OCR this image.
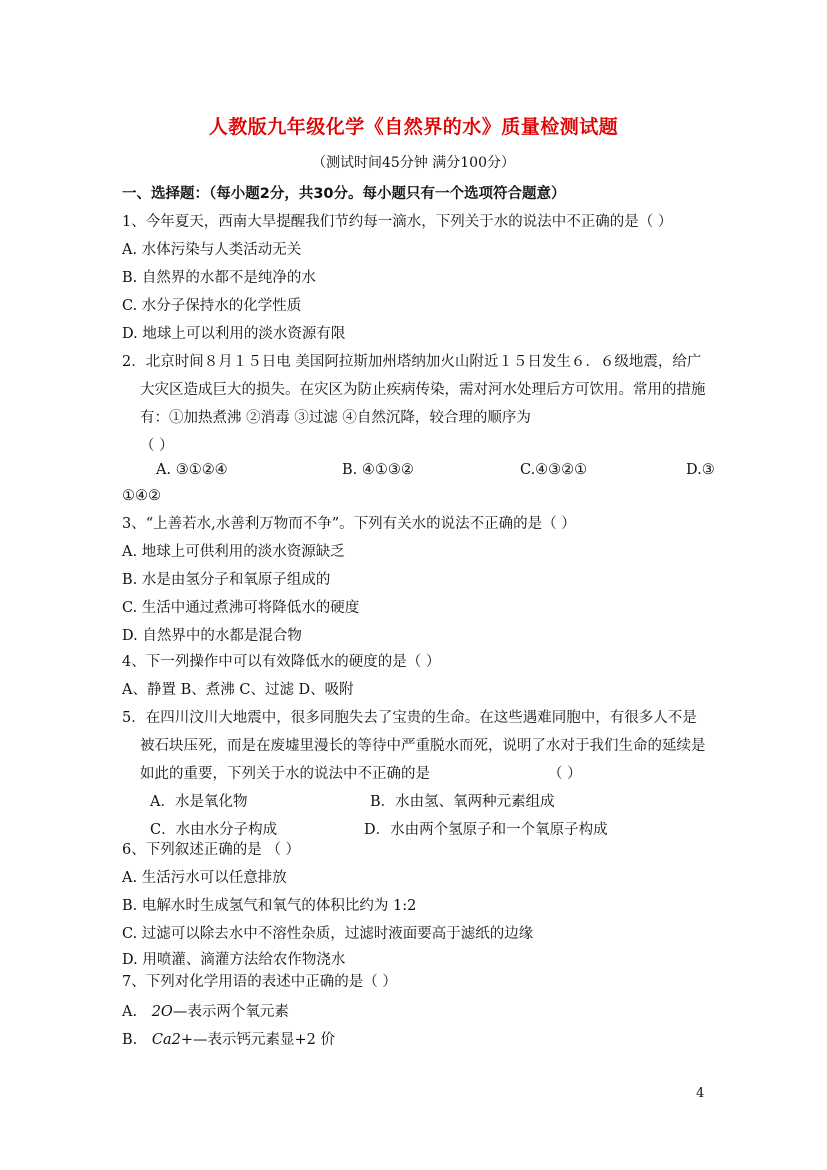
人教版九年级化学《自然界的水》质量检测试题
（测试时间45分钟 满分100分）
一、选择题：（每小题2分，共30分。每小题只有一个选项符合题意）
1、今年夏天，西南大旱提醒我们节约每一滴水，下列关于水的说法中不正确的是（ ）
A. 水体污染与人类活动无关
B. 自然界的水都不是纯净的水
C. 水分子保持水的化学性质
D. 地球上可以利用的淡水资源有限
2．北京时间８月１５日电 美国阿拉斯加州塔纳加火山附近１５日发生６．６级地震，给广
大灾区造成巨大的损失。在灾区为防止疾病传染，需对河水处理后方可饮用。常用的措施
有：①加热煮沸 ②消毒 ③过滤 ④自然沉降，较合理的顺序为
（ ）
A. ③①②④	B. ④①③②	C.④③②①	D.③
①④②
3、“上善若水,水善利万物而不争”。下列有关水的说法不正确的是（ ）
A. 地球上可供利用的淡水资源缺乏
B. 水是由氢分子和氧原子组成的
C. 生活中通过煮沸可将降低水的硬度
D. 自然界中的水都是混合物
4、下一列操作中可以有效降低水的硬度的是（ ）
A、静置 B、煮沸 C、过滤 D、吸附
5．在四川汶川大地震中，很多同胞失去了宝贵的生命。在这些遇难同胞中，有很多人不是
被石块压死，而是在废墟里漫长的等待中严重脱水而死，说明了水对于我们生命的延续是
如此的重要，下列关于水的说法中不正确的是	（ ）
A．水是氧化物	B．水由氢、氧两种元素组成
C．水由水分子构成	D．水由两个氢原子和一个氧原子构成
6、下列叙述正确的是 （ ）
A. 生活污水可以任意排放
B. 电解水时生成氢气和氧气的体积比约为 1:2
C. 过滤可以除去水中不溶性杂质，过滤时液面要高于滤纸的边缘
D. 用喷灌、滴灌方法给农作物浇水
7、下列对化学用语的表述中正确的是（ ）
A. 2O—表示两个氧元素
B. Ca2+—表示钙元素显+2 价
4
